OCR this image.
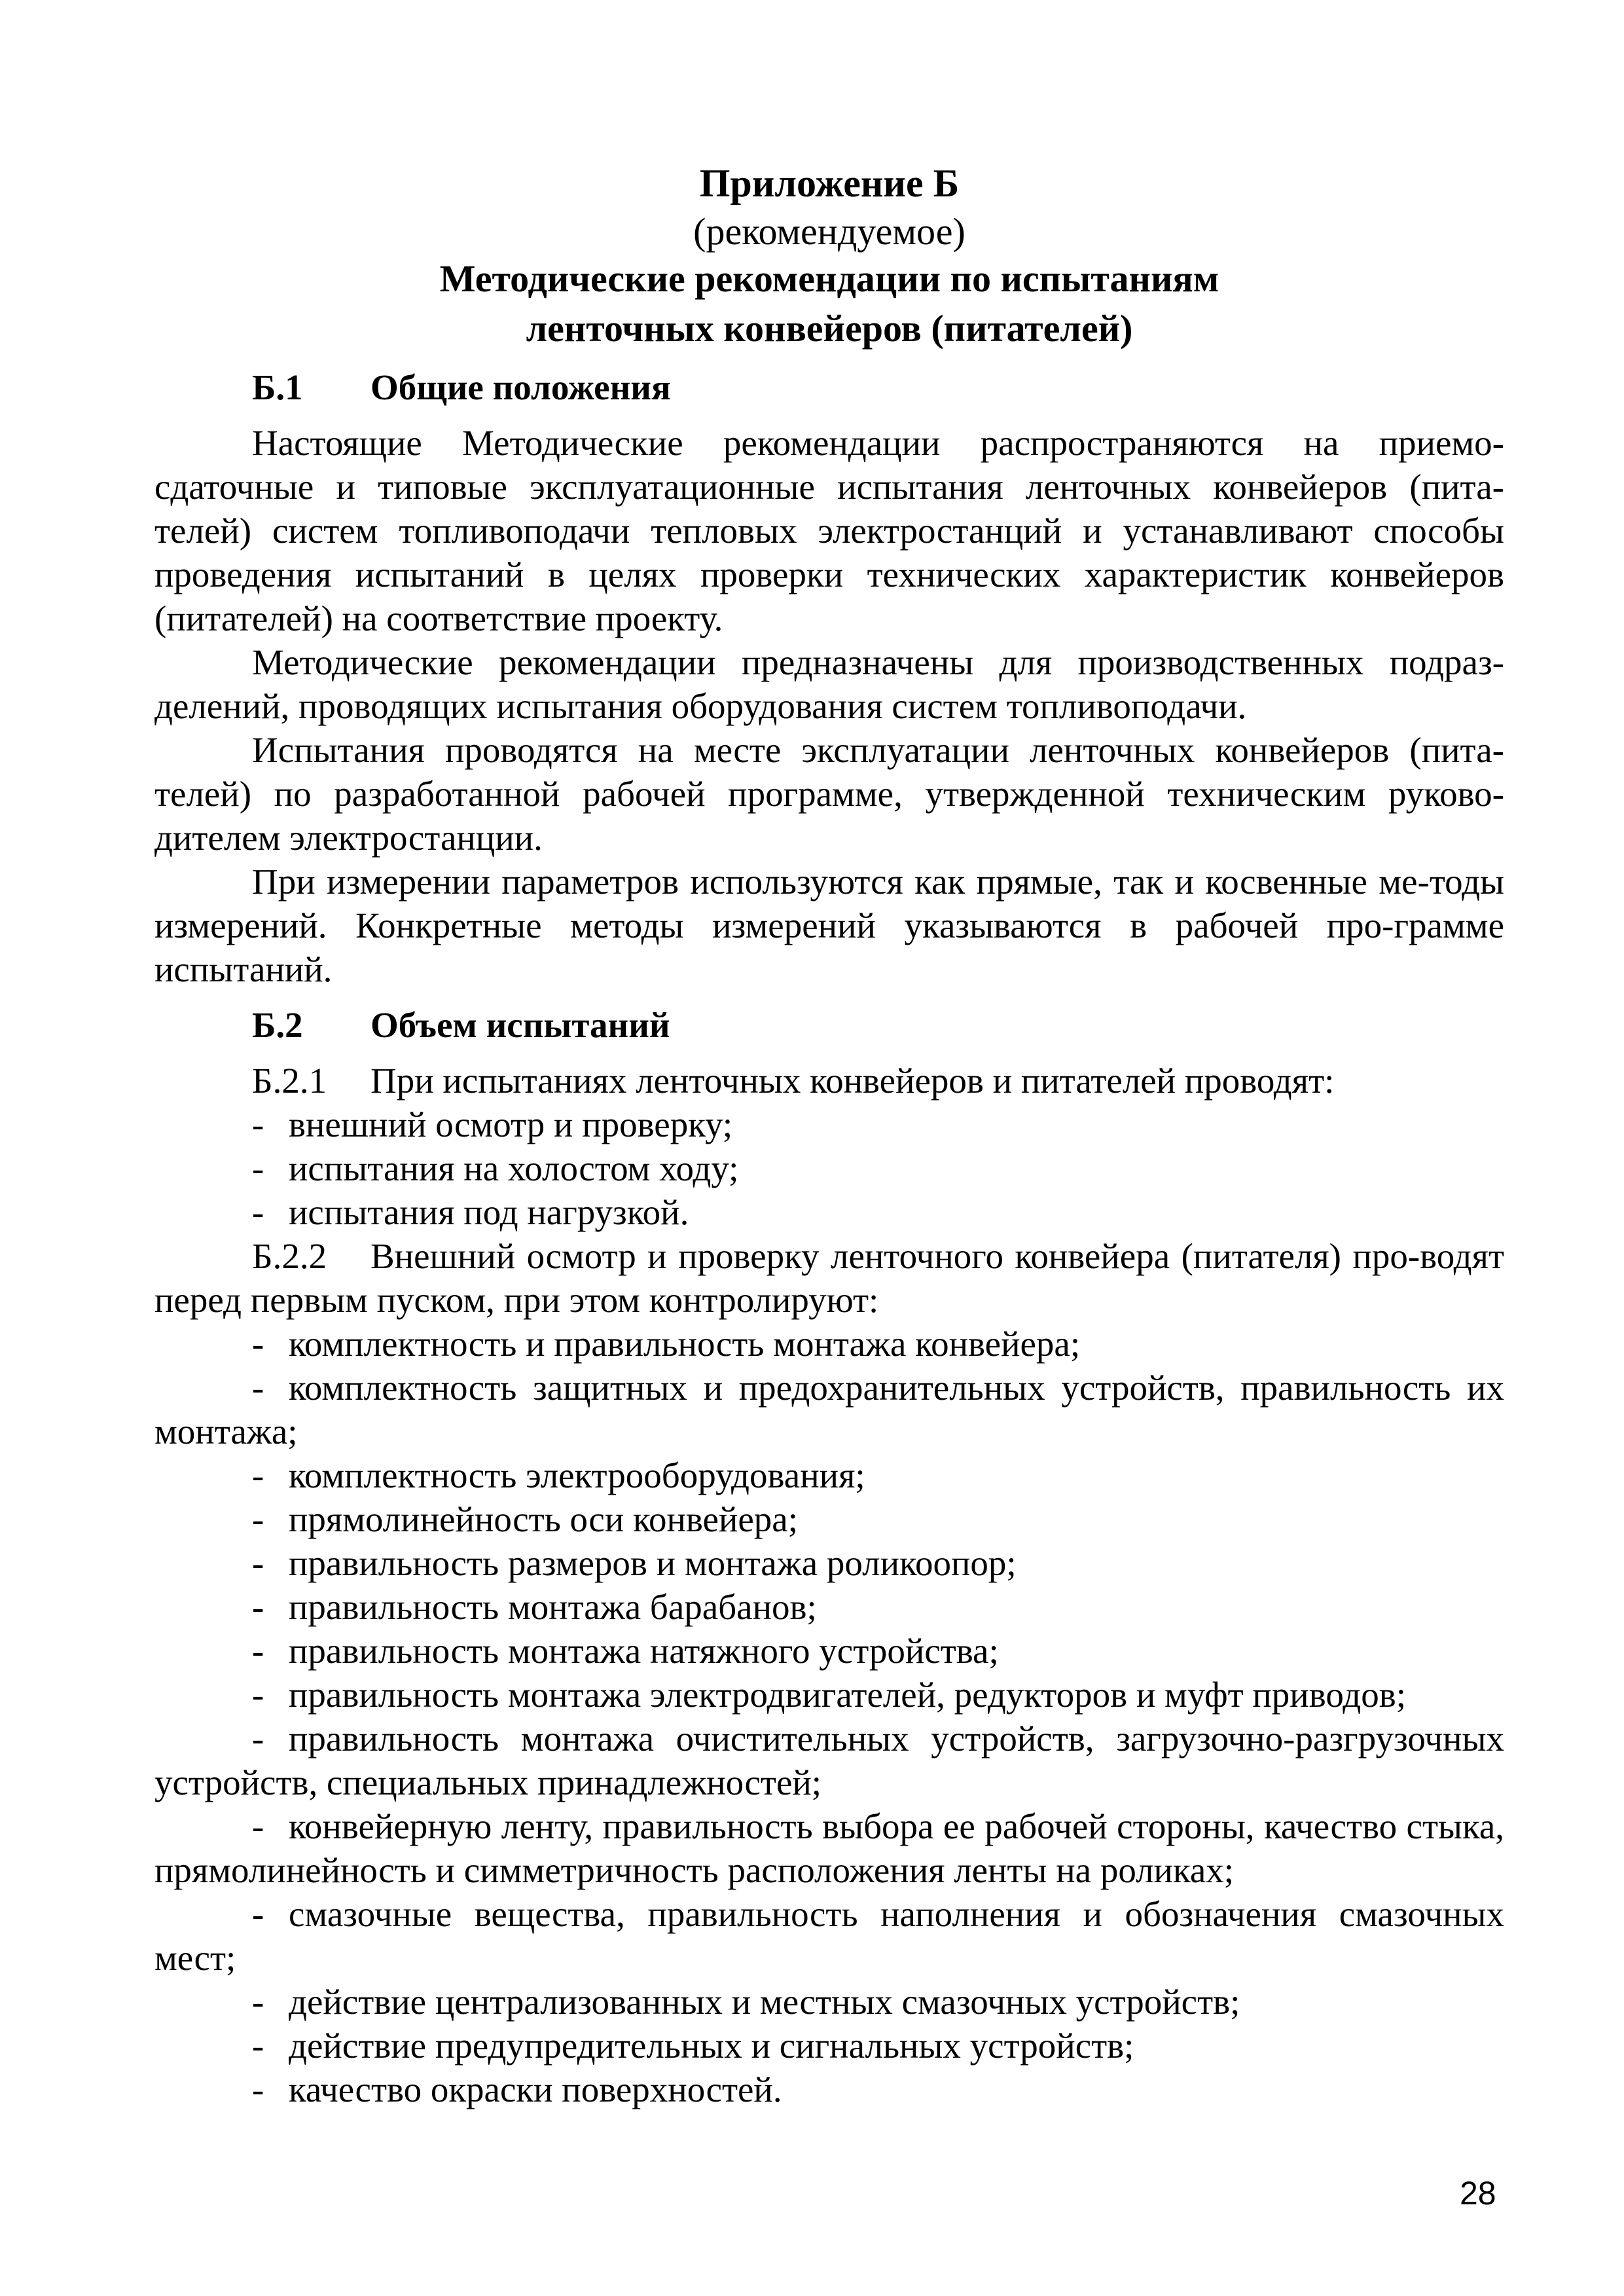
Приложение Б
(рекомендуемое)
Методические рекомендации по испытаниям
ленточных конвейеров (питателей)
Б.1 Общие положения

Настоящие Методические рекомендации распространяются на приемо-сдаточные и типовые эксплуатационные испытания ленточных конвейеров (пита-телей) систем топливоподачи тепловых электростанций и устанавливают способы проведения испытаний в целях проверки технических характеристик конвейеров (питателей) на соответствие проекту.

Методические рекомендации предназначены для производственных подраз-делений, проводящих испытания оборудования систем топливоподачи.

Испытания проводятся на месте эксплуатации ленточных конвейеров (пита-телей) по разработанной рабочей программе, утвержденной техническим руково-дителем электростанции.

При измерении параметров используются как прямые, так и косвенные ме-тоды измерений. Конкретные методы измерений указываются в рабочей про-грамме испытаний.

Б.2 Объем испытаний

Б.2.1 При испытаниях ленточных конвейеров и питателей проводят:

- внешний осмотр и проверку;
- испытания на холостом ходу;
- испытания под нагрузкой.

Б.2.2 Внешний осмотр и проверку ленточного конвейера (питателя) про-водят перед первым пуском, при этом контролируют:

- комплектность и правильность монтажа конвейера;
- комплектность защитных и предохранительных устройств, правильность их монтажа;
- комплектность электрооборудования;
- прямолинейность оси конвейера;
- правильность размеров и монтажа роликоопор;
- правильность монтажа барабанов;
- правильность монтажа натяжного устройства;
- правильность монтажа электродвигателей, редукторов и муфт приводов;
- правильность монтажа очистительных устройств, загрузочно-разгрузочных устройств, специальных принадлежностей;
- конвейерную ленту, правильность выбора ее рабочей стороны, качество стыка, прямолинейность и симметричность расположения ленты на роликах;
- смазочные вещества, правильность наполнения и обозначения смазочных мест;
- действие централизованных и местных смазочных устройств;
- действие предупредительных и сигнальных устройств;
- качество окраски поверхностей.
28
